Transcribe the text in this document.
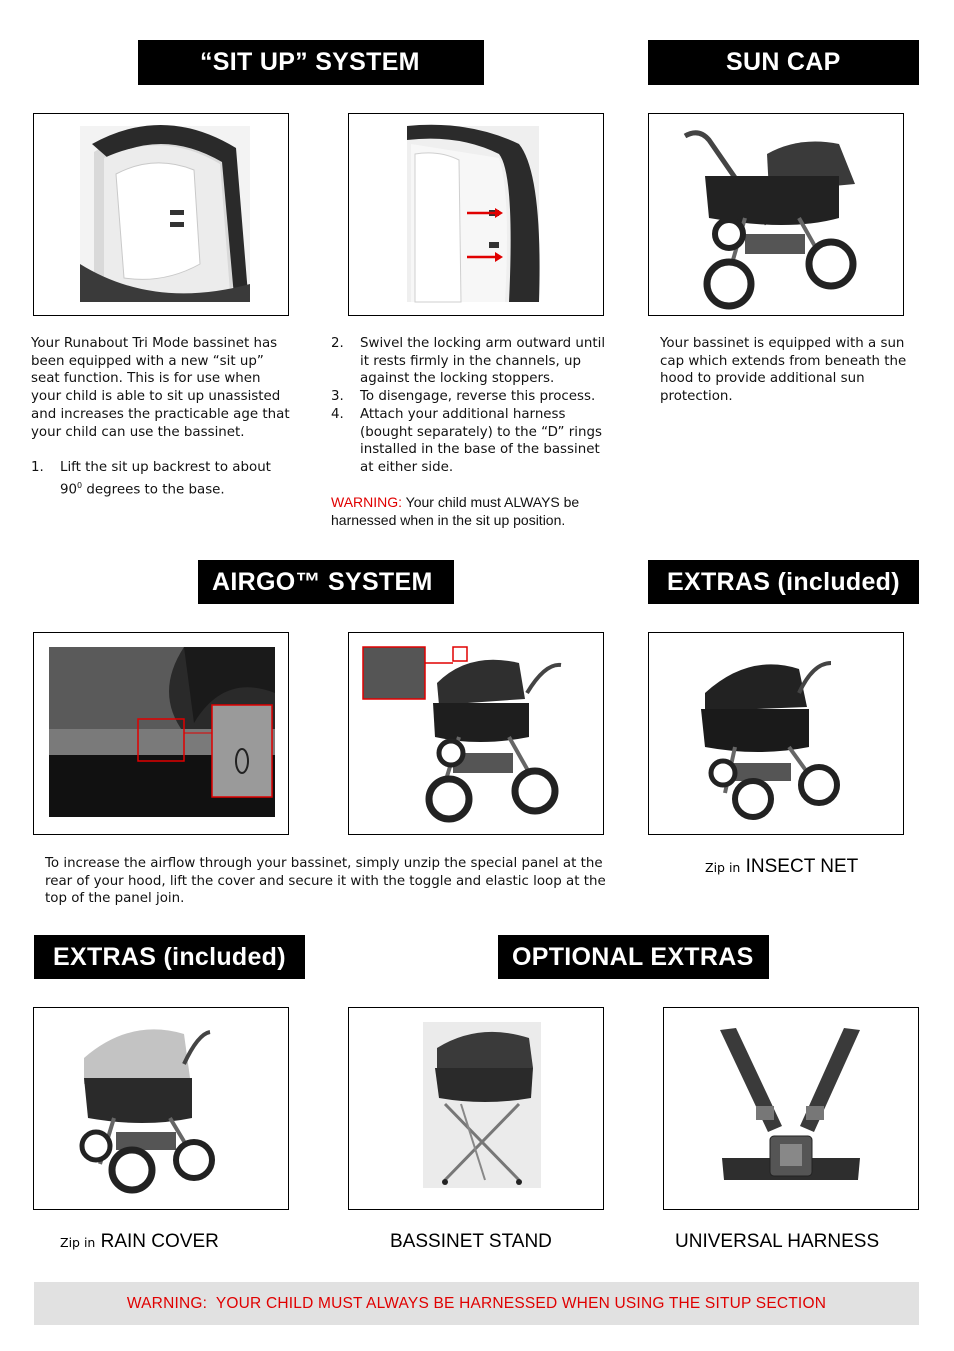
“SIT UP” SYSTEM	SUN CAP
AIRGO™ SYSTEM	EXTRAS (included)
EXTRAS (included)	OPTIONAL EXTRAS

Your Runabout Tri Mode bassinet has been equipped with a new “sit up” seat function. This is for use when your child is able to sit up unassisted and increases the practicable age that your child can use the bassinet.

1. Lift the sit up backrest to about $90^0$ degrees to the base.
2. Swivel the locking arm outward until it rests firmly in the channels, up against the locking stoppers.
3. To disengage, reverse this process.
4. Attach your additional harness (bought separately) to the “D” rings installed in the base of the bassinet at either side.

WARNING: Your child must ALWAYS be harnessed when in the sit up position.

Your bassinet is equipped with a sun cap which extends from beneath the hood to provide additional sun protection.

To increase the airflow through your bassinet, simply unzip the special panel at the rear of your hood, lift the cover and secure it with the toggle and elastic loop at the top of the panel join.

Zip in INSECT NET
Zip in RAIN COVER	BASSINET STAND	UNIVERSAL HARNESS
WARNING:  YOUR CHILD MUST ALWAYS BE HARNESSED WHEN USING THE SITUP SECTION
